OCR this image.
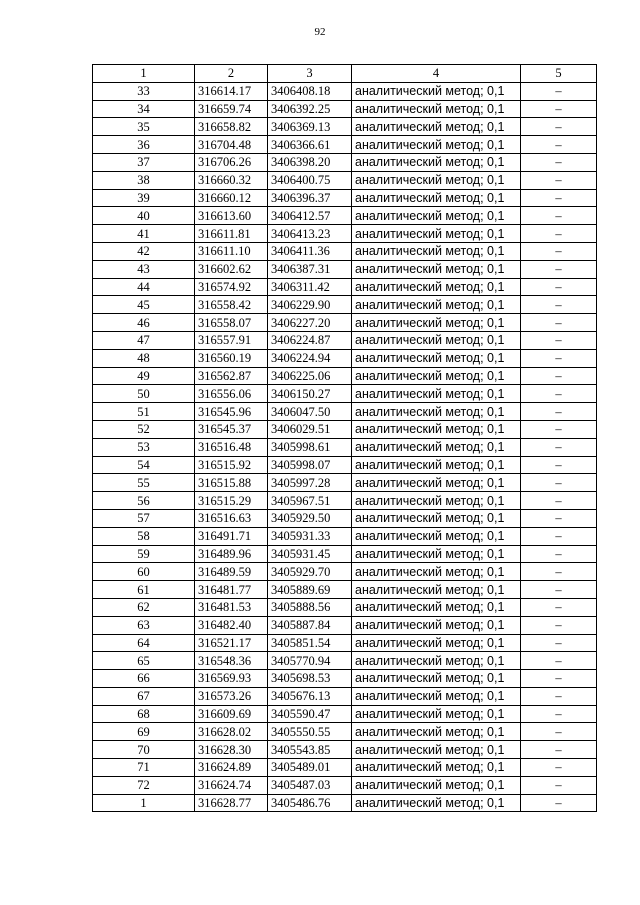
92
1	2	3	4	5
33	316614.17	3406408.18	аналитический метод; 0,1	–
34	316659.74	3406392.25	аналитический метод; 0,1	–
35	316658.82	3406369.13	аналитический метод; 0,1	–
36	316704.48	3406366.61	аналитический метод; 0,1	–
37	316706.26	3406398.20	аналитический метод; 0,1	–
38	316660.32	3406400.75	аналитический метод; 0,1	–
39	316660.12	3406396.37	аналитический метод; 0,1	–
40	316613.60	3406412.57	аналитический метод; 0,1	–
41	316611.81	3406413.23	аналитический метод; 0,1	–
42	316611.10	3406411.36	аналитический метод; 0,1	–
43	316602.62	3406387.31	аналитический метод; 0,1	–
44	316574.92	3406311.42	аналитический метод; 0,1	–
45	316558.42	3406229.90	аналитический метод; 0,1	–
46	316558.07	3406227.20	аналитический метод; 0,1	–
47	316557.91	3406224.87	аналитический метод; 0,1	–
48	316560.19	3406224.94	аналитический метод; 0,1	–
49	316562.87	3406225.06	аналитический метод; 0,1	–
50	316556.06	3406150.27	аналитический метод; 0,1	–
51	316545.96	3406047.50	аналитический метод; 0,1	–
52	316545.37	3406029.51	аналитический метод; 0,1	–
53	316516.48	3405998.61	аналитический метод; 0,1	–
54	316515.92	3405998.07	аналитический метод; 0,1	–
55	316515.88	3405997.28	аналитический метод; 0,1	–
56	316515.29	3405967.51	аналитический метод; 0,1	–
57	316516.63	3405929.50	аналитический метод; 0,1	–
58	316491.71	3405931.33	аналитический метод; 0,1	–
59	316489.96	3405931.45	аналитический метод; 0,1	–
60	316489.59	3405929.70	аналитический метод; 0,1	–
61	316481.77	3405889.69	аналитический метод; 0,1	–
62	316481.53	3405888.56	аналитический метод; 0,1	–
63	316482.40	3405887.84	аналитический метод; 0,1	–
64	316521.17	3405851.54	аналитический метод; 0,1	–
65	316548.36	3405770.94	аналитический метод; 0,1	–
66	316569.93	3405698.53	аналитический метод; 0,1	–
67	316573.26	3405676.13	аналитический метод; 0,1	–
68	316609.69	3405590.47	аналитический метод; 0,1	–
69	316628.02	3405550.55	аналитический метод; 0,1	–
70	316628.30	3405543.85	аналитический метод; 0,1	–
71	316624.89	3405489.01	аналитический метод; 0,1	–
72	316624.74	3405487.03	аналитический метод; 0,1	–
1	316628.77	3405486.76	аналитический метод; 0,1	–
